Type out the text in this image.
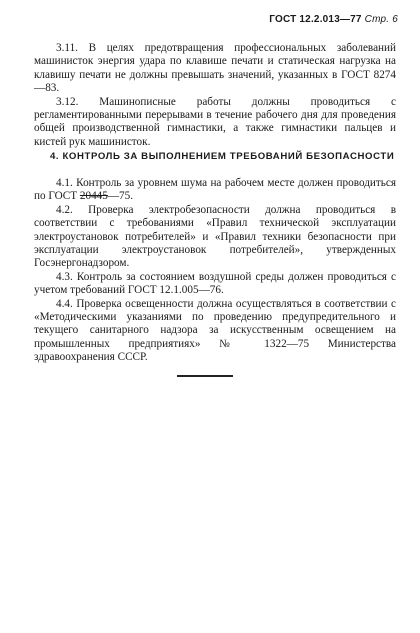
ГОСТ 12.2.013—77 Стр. 6

3.11. В целях предотвращения профессиональных заболеваний машинисток энергия удара по клавише печати и статическая нагрузка на клавишу печати не должны превышать значений, указанных в ГОСТ 8274—83.

3.12. Машинописные работы должны проводиться с регламентированными перерывами в течение рабочего дня для проведения общей производственной гимнастики, а также гимнастики пальцев и кистей рук машинисток.

4. КОНТРОЛЬ ЗА ВЫПОЛНЕНИЕМ ТРЕБОВАНИЙ БЕЗОПАСНОСТИ

4.1. Контроль за уровнем шума на рабочем месте должен проводиться по ГОСТ 20445—75.

4.2. Проверка электробезопасности должна проводиться в соответствии с требованиями «Правил технической эксплуатации электроустановок потребителей» и «Правил техники безопасности при эксплуатации электроустановок потребителей», утвержденных Госэнергонадзором.

4.3. Контроль за состоянием воздушной среды должен проводиться с учетом требований ГОСТ 12.1.005—76.

4.4. Проверка освещенности должна осуществляться в соответствии с «Методическими указаниями по проведению предупредительного и текущего санитарного надзора за искусственным освещением на промышленных предприятиях» № 1322—75 Министерства здравоохранения СССР.
